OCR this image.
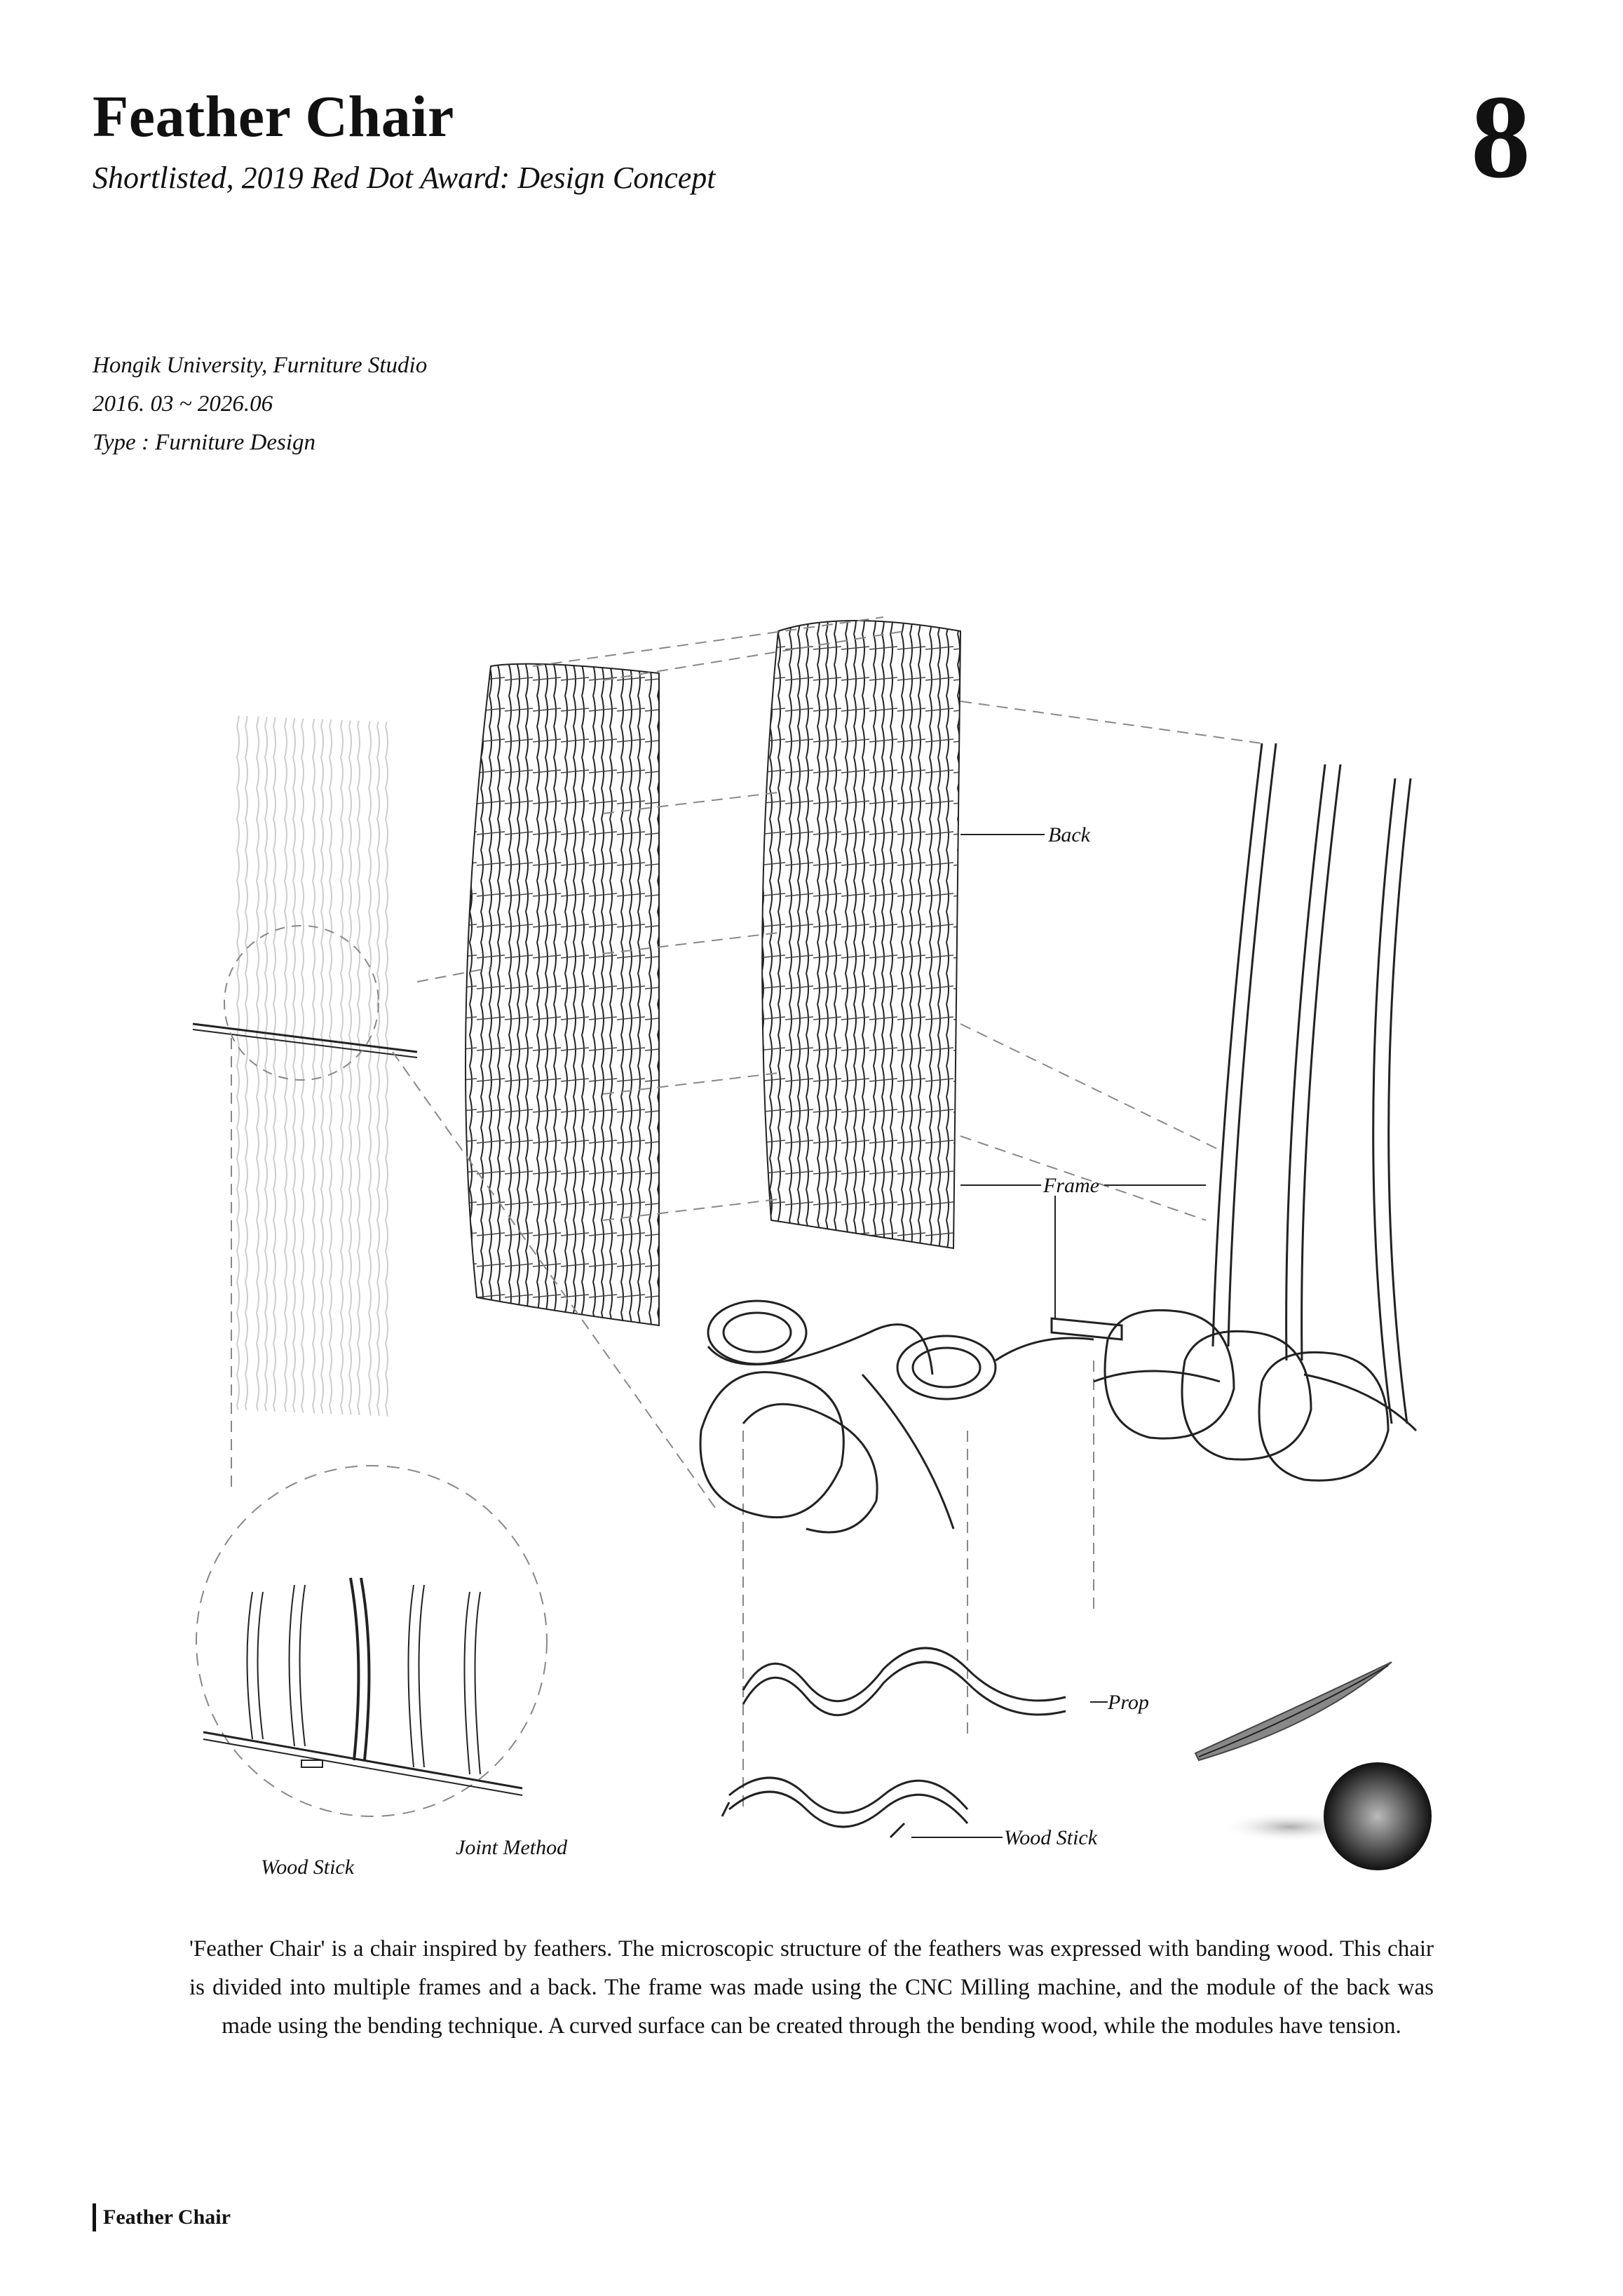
Feather Chair
Shortlisted, 2019 Red Dot Award: Design Concept	8
Hongik University, Furniture Studio
2016. 03 ~ 2026.06
Type : Furniture Design
Back
Frame
Prop
Wood Stick
Wood Stick
Joint Method
'Feather Chair' is a chair inspired by feathers. The microscopic structure of the feathers was expressed with banding wood. This chair is divided into multiple frames and a back. The frame was made using the CNC Milling machine, and the module of the back was made using the bending technique. A curved surface can be created through the bending wood, while the modules have tension.
Feather Chair
